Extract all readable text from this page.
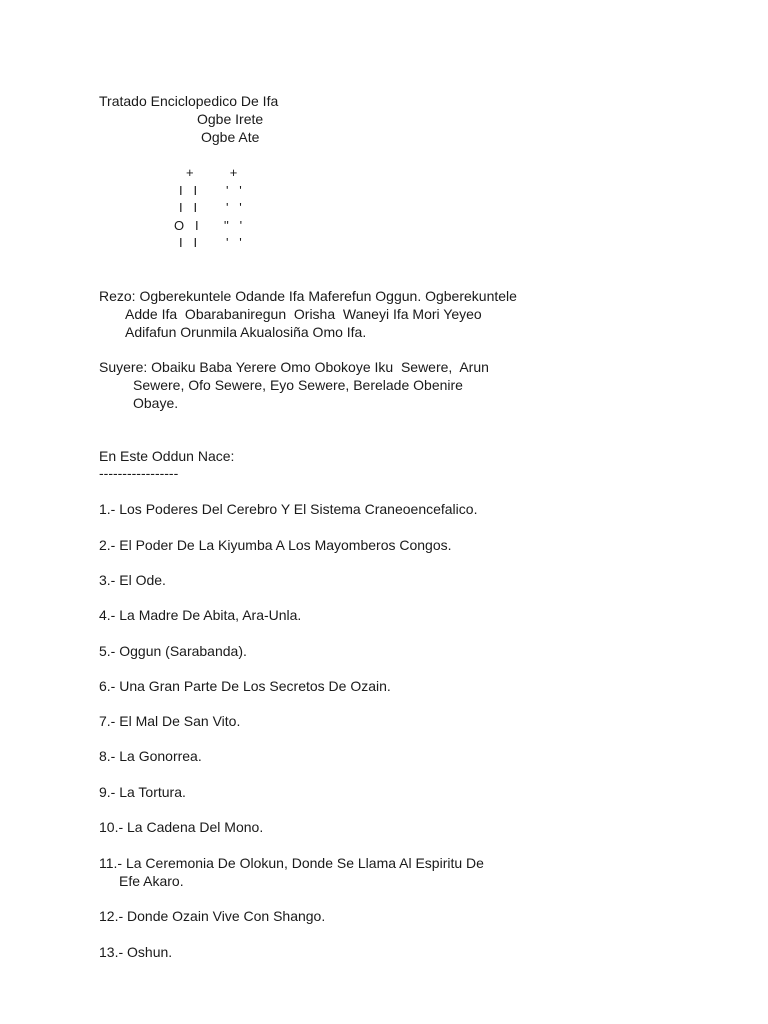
Tratado Enciclopedico De Ifa
Ogbe Irete
Ogbe Ate
+          +
I   I        '   '
I   I        '   '
O   I       ''   '
I   I        '   '
Rezo: Ogberekuntele Odande Ifa Maferefun Oggun. Ogberekuntele
Adde Ifa  Obarabaniregun  Orisha  Waneyi Ifa Mori Yeyeo
Adifafun Orunmila Akualosiña Omo Ifa.
Suyere: Obaiku Baba Yerere Omo Obokoye Iku  Sewere,  Arun
Sewere, Ofo Sewere, Eyo Sewere, Berelade Obenire
Obaye.
En Este Oddun Nace:
-----------------
1.- Los Poderes Del Cerebro Y El Sistema Craneoencefalico.
2.- El Poder De La Kiyumba A Los Mayomberos Congos.
3.- El Ode.
4.- La Madre De Abita, Ara-Unla.
5.- Oggun (Sarabanda).
6.- Una Gran Parte De Los Secretos De Ozain.
7.- El Mal De San Vito.
8.- La Gonorrea.
9.- La Tortura.
10.- La Cadena Del Mono.
11.- La Ceremonia De Olokun, Donde Se Llama Al Espiritu De
Efe Akaro.
12.- Donde Ozain Vive Con Shango.
13.- Oshun.
